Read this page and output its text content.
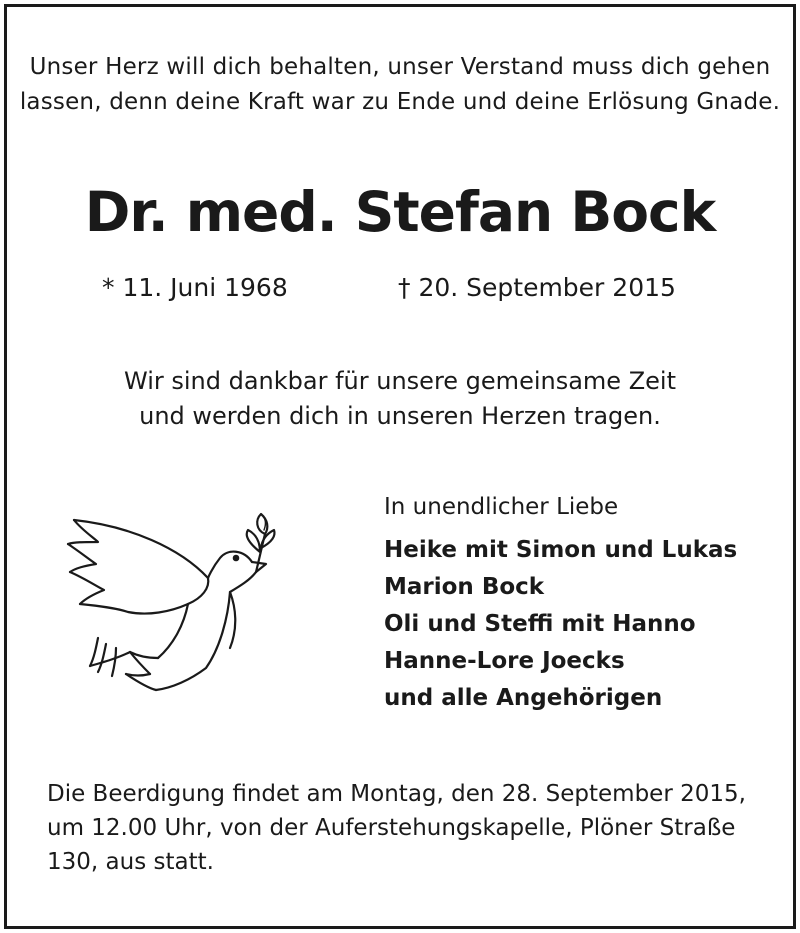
Unser Herz will dich behalten, unser Verstand muss dich gehen
lassen, denn deine Kraft war zu Ende und deine Erlösung Gnade.
Dr. med. Stefan Bock
* 11. Juni 1968	† 20. September 2015
Wir sind dankbar für unsere gemeinsame Zeit
und werden dich in unseren Herzen tragen.
In unendlicher Liebe
Heike mit Simon und Lukas
Marion Bock
Oli und Steffi mit Hanno
Hanne-Lore Joecks
und alle Angehörigen
Die Beerdigung findet am Montag, den 28. September 2015,
um 12.00 Uhr, von der Auferstehungskapelle, Plöner Straße
130, aus statt.
